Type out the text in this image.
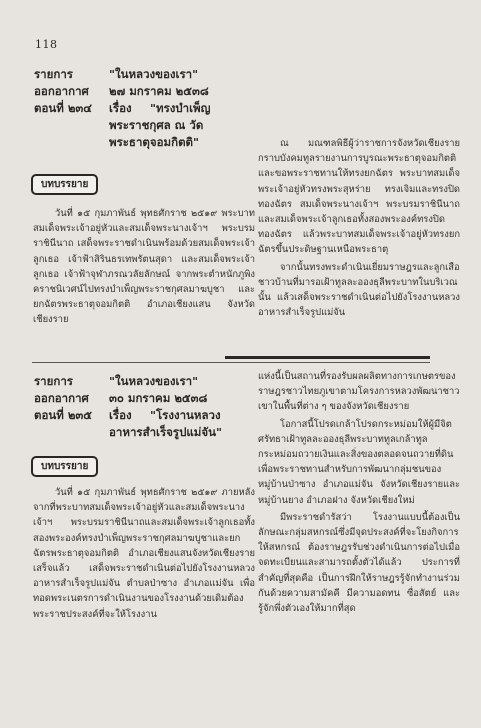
118
รายการ	"ในหลวงของเรา"
ออกอากาศ ๒๗ มกราคม ๒๕๓๘
ตอนที่ ๒๓๔ เรื่อง "ทรงบำเพ็ญ
พระราชกุศล ณ วัด
พระธาตุจอมกิตติ"
บทบรรยาย

วันที่ ๑๕ กุมภาพันธ์ พุทธศักราช ๒๕๑๙ พระบาทสมเด็จพระเจ้าอยู่หัวและสมเด็จพระนางเจ้าฯ พระบรมราชินีนาถ เสด็จพระราชดำเนินพร้อมด้วยสมเด็จพระเจ้าลูกเธอ เจ้าฟ้าสิรินธรเทพรัตนสุดา และสมเด็จพระเจ้าลูกเธอ เจ้าฟ้าจุฬาภรณวลัยลักษณ์ จากพระตำหนักภูพิงคราชนิเวศน์ไปทรงบำเพ็ญพระราชกุศลมาฆบูชา และยกฉัตรพระธาตุจอมกิตติ อำเภอเชียงแสน จังหวัดเชียงราย

ณ มณฑลพิธีผู้ว่าราชการจังหวัดเชียงรายกราบบังคมทูลรายงานการบูรณะพระธาตุจอมกิตติ และขอพระราชทานให้ทรงยกฉัตร พระบาทสมเด็จพระเจ้าอยู่หัวทรงพระสุหร่าย ทรงเจิมและทรงปิดทองฉัตร สมเด็จพระนางเจ้าฯ พระบรมราชินีนาถ และสมเด็จพระเจ้าลูกเธอทั้งสองพระองค์ทรงปิดทองฉัตร แล้วพระบาทสมเด็จพระเจ้าอยู่หัวทรงยกฉัตรขึ้นประดิษฐานเหนือพระธาตุ

จากนั้นทรงพระดำเนินเยี่ยมราษฎรและลูกเสือชาวบ้านที่มารอเฝ้าทูลละอองธุลีพระบาทในบริเวณนั้น แล้วเสด็จพระราชดำเนินต่อไปยังโรงงานหลวงอาหารสำเร็จรูปแม่จัน

รายการ	"ในหลวงของเรา"
ออกอากาศ ๓๐ มกราคม ๒๕๓๘
ตอนที่ ๒๓๕ เรื่อง "โรงงานหลวง
อาหารสำเร็จรูปแม่จัน"
บทบรรยาย

วันที่ ๑๕ กุมภาพันธ์ พุทธศักราช ๒๕๑๙ ภายหลังจากที่พระบาทสมเด็จพระเจ้าอยู่หัวและสมเด็จพระนางเจ้าฯ พระบรมราชินีนาถและสมเด็จพระเจ้าลูกเธอทั้งสองพระองค์ทรงบำเพ็ญพระราชกุศลมาฆบูชาและยกฉัตรพระธาตุจอมกิตติ อำเภอเชียงแสนจังหวัดเชียงรายเสร็จแล้ว เสด็จพระราชดำเนินต่อไปยังโรงงานหลวงอาหารสำเร็จรูปแม่จัน ตำบลป่าซาง อำเภอแม่จัน เพื่อทอดพระเนตรการดำเนินงานของโรงงานด้วยเดิมต้องพระราชประสงค์ที่จะให้โรงงาน

แห่งนี้เป็นสถานที่รองรับผลผลิตทางการเกษตรของราษฎรชาวไทยภูเขาตามโครงการหลวงพัฒนาชาวเขาในพื้นที่ต่าง ๆ ของจังหวัดเชียงราย

โอกาสนี้โปรดเกล้าโปรดกระหม่อมให้ผู้มีจิตศรัทธาเฝ้าทูลละอองธุลีพระบาททูลเกล้าทูลกระหม่อมถวายเงินและสิ่งของตลอดจนถวายที่ดินเพื่อพระราชทานสำหรับการพัฒนากลุ่มชนของหมู่บ้านป่าซาง อำเภอแม่จัน จังหวัดเชียงรายและหมู่บ้านยาง อำเภอฝาง จังหวัดเชียงใหม่

มีพระราชดำรัสว่า โรงงานแบบนี้ต้องเป็นลักษณะกลุ่มสหกรณ์ซึ่งมีจุดประสงค์ที่จะโยงกิจการให้สหกรณ์ ต้องราษฎรรับช่วงดำเนินการต่อไปเมื่อจดทะเบียนและสามารถตั้งตัวได้แล้ว ประการที่สำคัญที่สุดคือ เป็นการฝึกให้ราษฎรรู้จักทำงานร่วมกันด้วยความสามัคคี มีความอดทน ซื่อสัตย์ และรู้จักพึ่งตัวเองให้มากที่สุด
